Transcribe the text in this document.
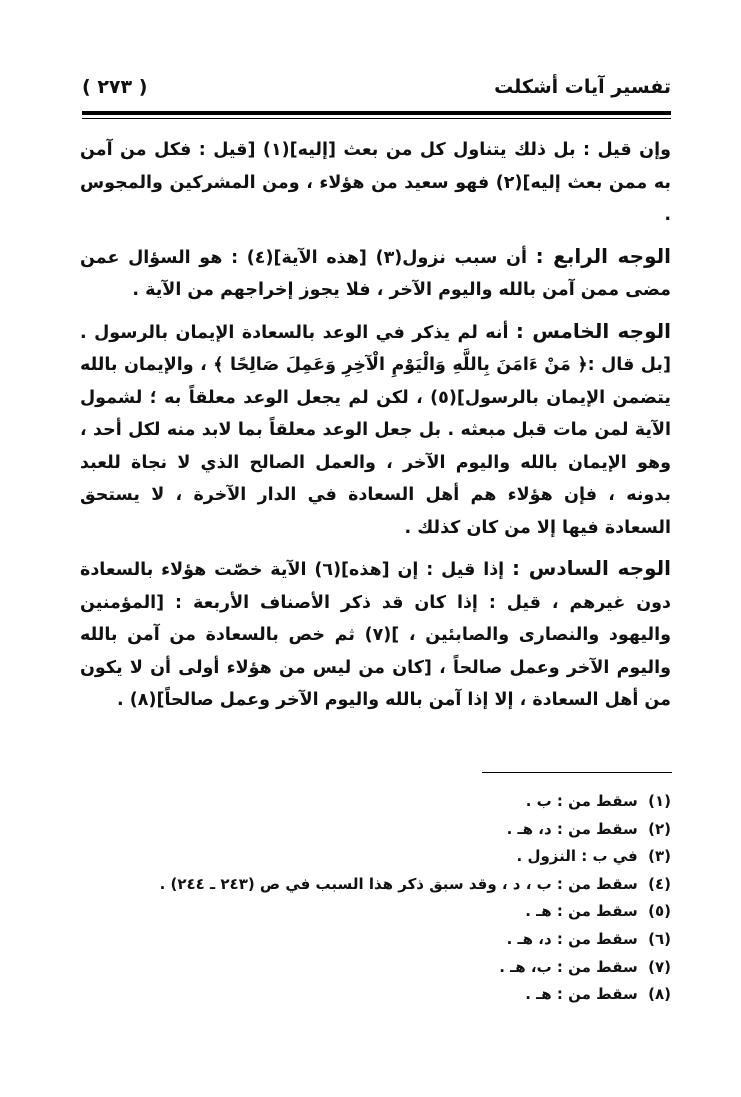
تفسير آيات أشكلت
( ٢٧٣ )

وإن قيل : بل ذلك يتناول كل من بعث [إليه](١) [قيل : فكل من آمن به ممن بعث إليه](٢) فهو سعيد من هؤلاء ، ومن المشركين والمجوس .

الوجه الرابع : أن سبب نزول(٣) [هذه الآية](٤) : هو السؤال عمن مضى ممن آمن بالله واليوم الآخر ، فلا يجوز إخراجهم من الآية .

الوجه الخامس : أنه لم يذكر في الوعد بالسعادة الإيمان بالرسول . [بل قال :﴿ مَنْ ءَامَنَ بِاللَّهِ وَالْيَوْمِ الْآخِرِ وَعَمِلَ صَالِحًا ﴾ ، والإيمان بالله يتضمن الإيمان بالرسول](٥) ، لكن لم يجعل الوعد معلقاً به ؛ لشمول الآية لمن مات قبل مبعثه . بل جعل الوعد معلقاً بما لابد منه لكل أحد ، وهو الإيمان بالله واليوم الآخر ، والعمل الصالح الذي لا نجاة للعبد بدونه ، فإن هؤلاء هم أهل السعادة في الدار الآخرة ، لا يستحق السعادة فيها إلا من كان كذلك .

الوجه السادس : إذا قيل : إن [هذه](٦) الآية خصّت هؤلاء بالسعادة دون غيرهم ، قيل : إذا كان قد ذكر الأصناف الأربعة : [المؤمنين واليهود والنصارى والصابئين ، ](٧) ثم خص بالسعادة من آمن بالله واليوم الآخر وعمل صالحاً ، [كان من ليس من هؤلاء أولى أن لا يكون من أهل السعادة ، إلا إذا آمن بالله واليوم الآخر وعمل صالحاً](٨) .

(١) سقط من : ب .
(٢) سقط من : د، هـ .
(٣) في ب : النزول .
(٤) سقط من : ب ، د ، وقد سبق ذكر هذا السبب في ص (٢٤٣ ـ ٢٤٤) .
(٥) سقط من : هـ .
(٦) سقط من : د، هـ .
(٧) سقط من : ب، هـ .
(٨) سقط من : هـ .
